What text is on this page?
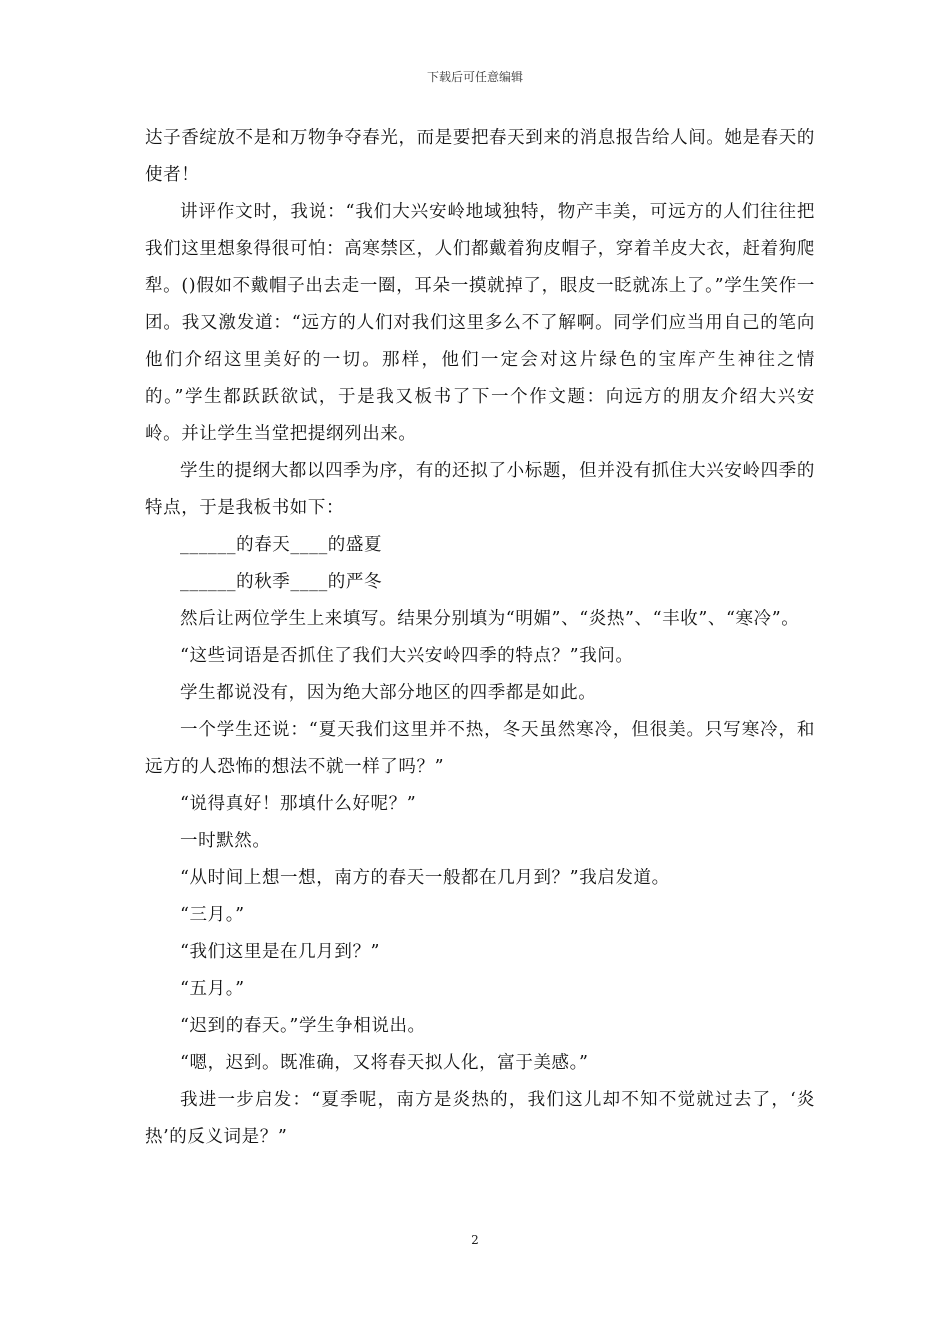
下载后可任意编辑

达子香绽放不是和万物争夺春光，而是要把春天到来的消息报告给人间。她是春天的使者！

讲评作文时，我说：“我们大兴安岭地域独特，物产丰美，可远方的人们往往把我们这里想象得很可怕：高寒禁区，人们都戴着狗皮帽子，穿着羊皮大衣，赶着狗爬犁。()假如不戴帽子出去走一圈，耳朵一摸就掉了，眼皮一眨就冻上了。”学生笑作一团。我又激发道：“远方的人们对我们这里多么不了解啊。同学们应当用自己的笔向他们介绍这里美好的一切。那样，他们一定会对这片绿色的宝库产生神往之情的。”学生都跃跃欲试，于是我又板书了下一个作文题：向远方的朋友介绍大兴安岭。并让学生当堂把提纲列出来。

学生的提纲大都以四季为序，有的还拟了小标题，但并没有抓住大兴安岭四季的特点，于是我板书如下：

______的春天____的盛夏

______的秋季____的严冬

然后让两位学生上来填写。结果分别填为“明媚”、“炎热”、“丰收”、“寒冷”。

“这些词语是否抓住了我们大兴安岭四季的特点？”我问。

学生都说没有，因为绝大部分地区的四季都是如此。

一个学生还说：“夏天我们这里并不热，冬天虽然寒冷，但很美。只写寒冷，和远方的人恐怖的想法不就一样了吗？”

“说得真好！那填什么好呢？”

一时默然。

“从时间上想一想，南方的春天一般都在几月到？”我启发道。

“三月。”

“我们这里是在几月到？”

“五月。”

“迟到的春天。”学生争相说出。

“嗯，迟到。既准确，又将春天拟人化，富于美感。”

我进一步启发：“夏季呢，南方是炎热的，我们这儿却不知不觉就过去了，‘炎热’的反义词是？”

2
